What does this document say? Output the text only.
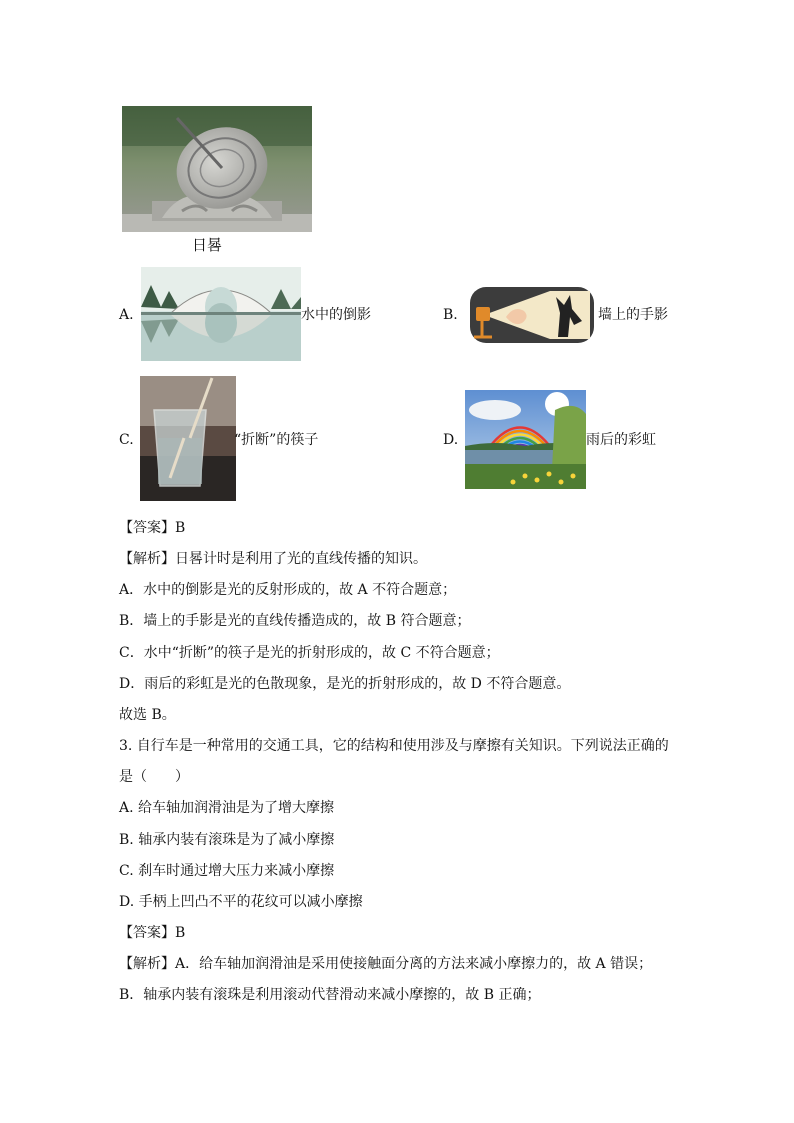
日晷
A.	水中的倒影	B.	墙上的手影
C.	“折断”的筷子	D.	雨后的彩虹
【答案】B
【解析】日晷计时是利用了光的直线传播的知识。
A．水中的倒影是光的反射形成的，故 A 不符合题意；
B．墙上的手影是光的直线传播造成的，故 B 符合题意；
C．水中“折断”的筷子是光的折射形成的，故 C 不符合题意；
D．雨后的彩虹是光的色散现象，是光的折射形成的，故 D 不符合题意。
故选 B。
3. 自行车是一种常用的交通工具，它的结构和使用涉及与摩擦有关知识。下列说法正确的
是（　　）
A. 给车轴加润滑油是为了增大摩擦
B. 轴承内装有滚珠是为了减小摩擦
C. 刹车时通过增大压力来减小摩擦
D. 手柄上凹凸不平的花纹可以减小摩擦
【答案】B
【解析】A．给车轴加润滑油是采用使接触面分离的方法来减小摩擦力的，故 A 错误；
B．轴承内装有滚珠是利用滚动代替滑动来减小摩擦的，故 B 正确；
